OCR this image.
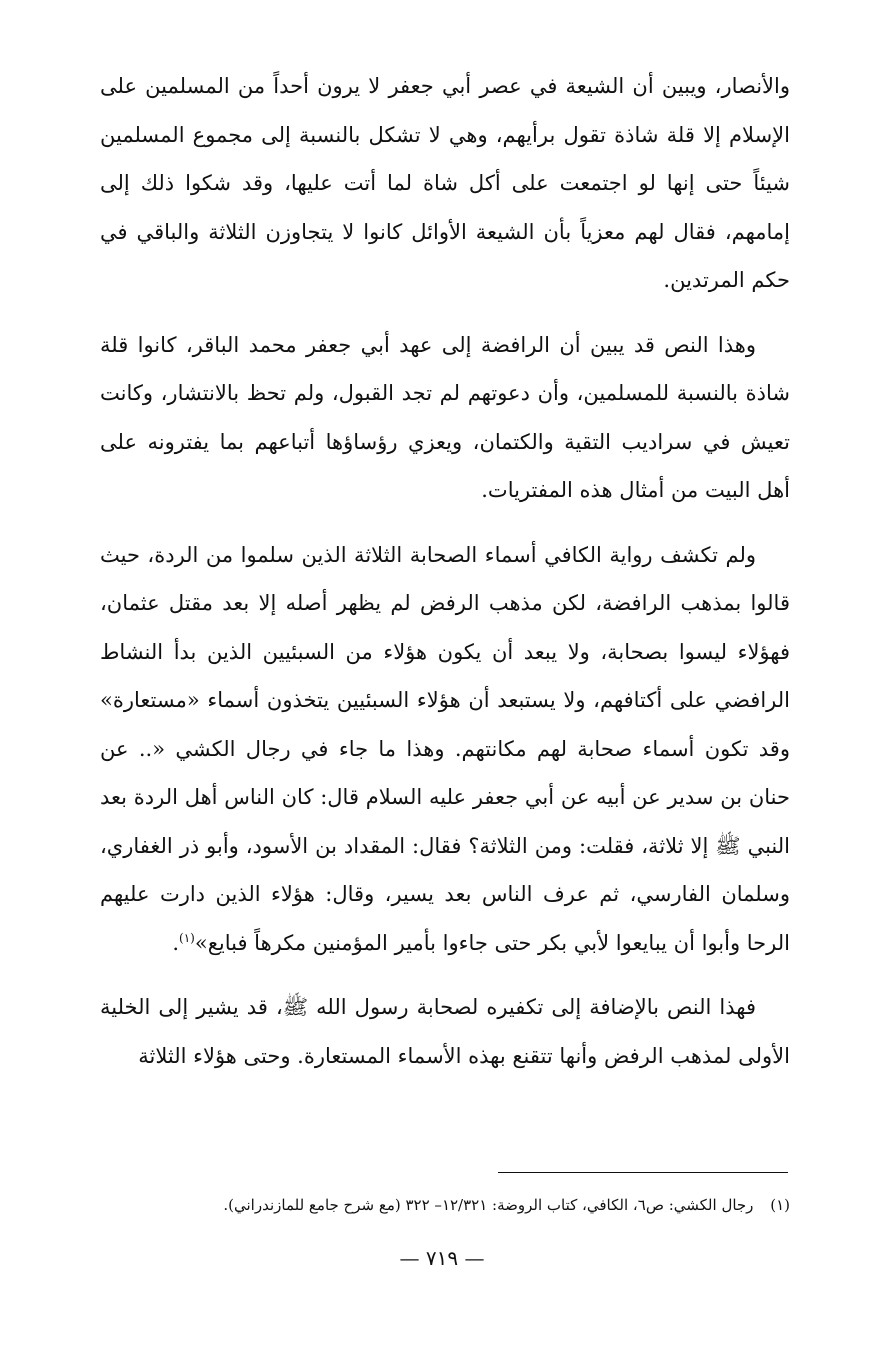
والأنصار، ويبين أن الشيعة في عصر أبي جعفر لا يرون أحداً من المسلمين على الإسلام إلا قلة شاذة تقول برأيهم، وهي لا تشكل بالنسبة إلى مجموع المسلمين شيئاً حتى إنها لو اجتمعت على أكل شاة لما أتت عليها، وقد شكوا ذلك إلى إمامهم، فقال لهم معزياً بأن الشيعة الأوائل كانوا لا يتجاوزن الثلاثة والباقي في حكم المرتدين.

وهذا النص قد يبين أن الرافضة إلى عهد أبي جعفر محمد الباقر، كانوا قلة شاذة بالنسبة للمسلمين، وأن دعوتهم لم تجد القبول، ولم تحظ بالانتشار، وكانت تعيش في سراديب التقية والكتمان، ويعزي رؤساؤها أتباعهم بما يفترونه على أهل البيت من أمثال هذه المفتريات.

ولم تكشف رواية الكافي أسماء الصحابة الثلاثة الذين سلموا من الردة، حيث قالوا بمذهب الرافضة، لكن مذهب الرفض لم يظهر أصله إلا بعد مقتل عثمان، فهؤلاء ليسوا بصحابة، ولا يبعد أن يكون هؤلاء من السبئيين الذين بدأ النشاط الرافضي على أكتافهم، ولا يستبعد أن هؤلاء السبئيين يتخذون أسماء «مستعارة» وقد تكون أسماء صحابة لهم مكانتهم. وهذا ما جاء في رجال الكشي «.. عن حنان بن سدير عن أبيه عن أبي جعفر عليه السلام قال: كان الناس أهل الردة بعد النبي ﷺ إلا ثلاثة، فقلت: ومن الثلاثة؟ فقال: المقداد بن الأسود، وأبو ذر الغفاري، وسلمان الفارسي، ثم عرف الناس بعد يسير، وقال: هؤلاء الذين دارت عليهم الرحا وأبوا أن يبايعوا لأبي بكر حتى جاءوا بأمير المؤمنين مكرهاً فبايع»$^{(١)}$.

فهذا النص بالإضافة إلى تكفيره لصحابة رسول الله ﷺ، قد يشير إلى الخلية الأولى لمذهب الرفض وأنها تتقنع بهذه الأسماء المستعارة. وحتى هؤلاء الثلاثة

(١) رجال الكشي: ص٦، الكافي، كتاب الروضة: ١٢/٣٢١– ٣٢٢ (مع شرح جامع للمازندراني).
— ٧١٩ —
